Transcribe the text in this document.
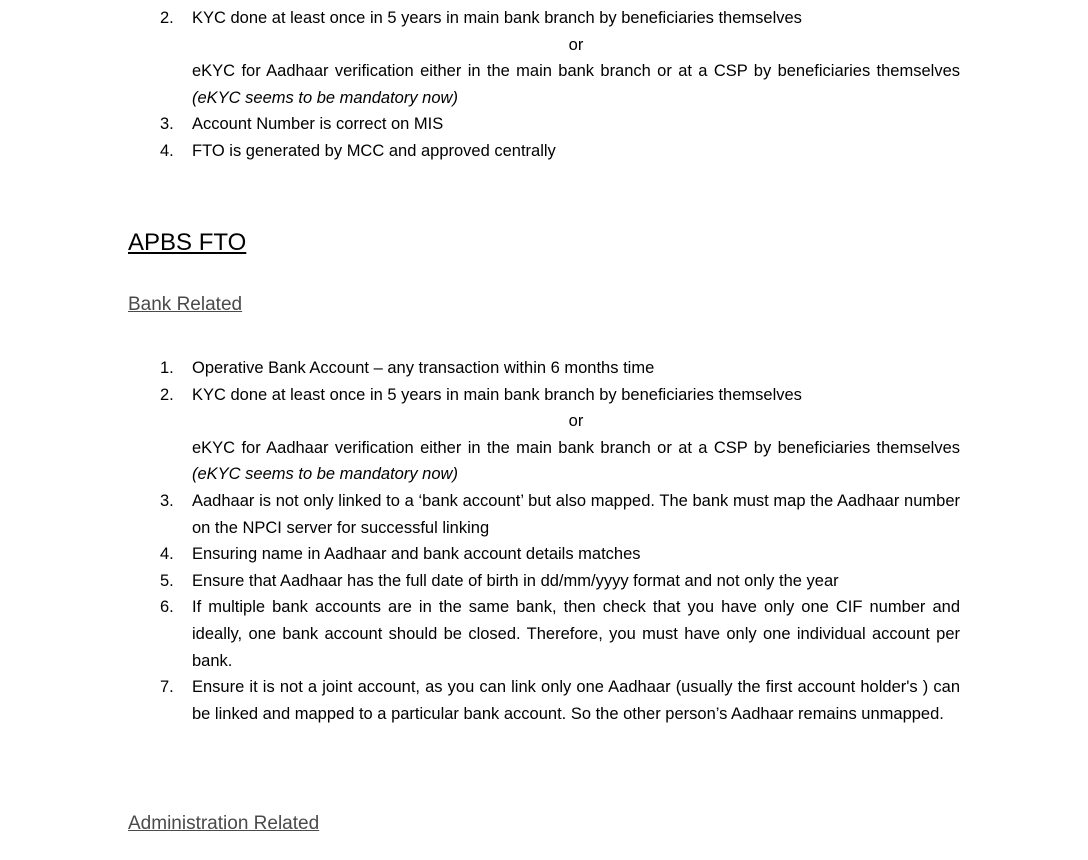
2. KYC done at least once in 5 years in main bank branch by beneficiaries themselves
or
eKYC for Aadhaar verification either in the main bank branch or at a CSP by beneficiaries themselves (eKYC seems to be mandatory now)
3. Account Number is correct on MIS
4. FTO is generated by MCC and approved centrally
APBS FTO
Bank Related
1. Operative Bank Account – any transaction within 6 months time
2. KYC done at least once in 5 years in main bank branch by beneficiaries themselves
or
eKYC for Aadhaar verification either in the main bank branch or at a CSP by beneficiaries themselves (eKYC seems to be mandatory now)
3. Aadhaar is not only linked to a ‘bank account’ but also mapped. The bank must map the Aadhaar number on the NPCI server for successful linking
4. Ensuring name in Aadhaar and bank account details matches
5. Ensure that Aadhaar has the full date of birth in dd/mm/yyyy format and not only the year
6. If multiple bank accounts are in the same bank, then check that you have only one CIF number and ideally, one bank account should be closed. Therefore, you must have only one individual account per bank.
7. Ensure it is not a joint account, as you can link only one Aadhaar (usually the first account holder's ) can be linked and mapped to a particular bank account. So the other person’s Aadhaar remains unmapped.
Administration Related
